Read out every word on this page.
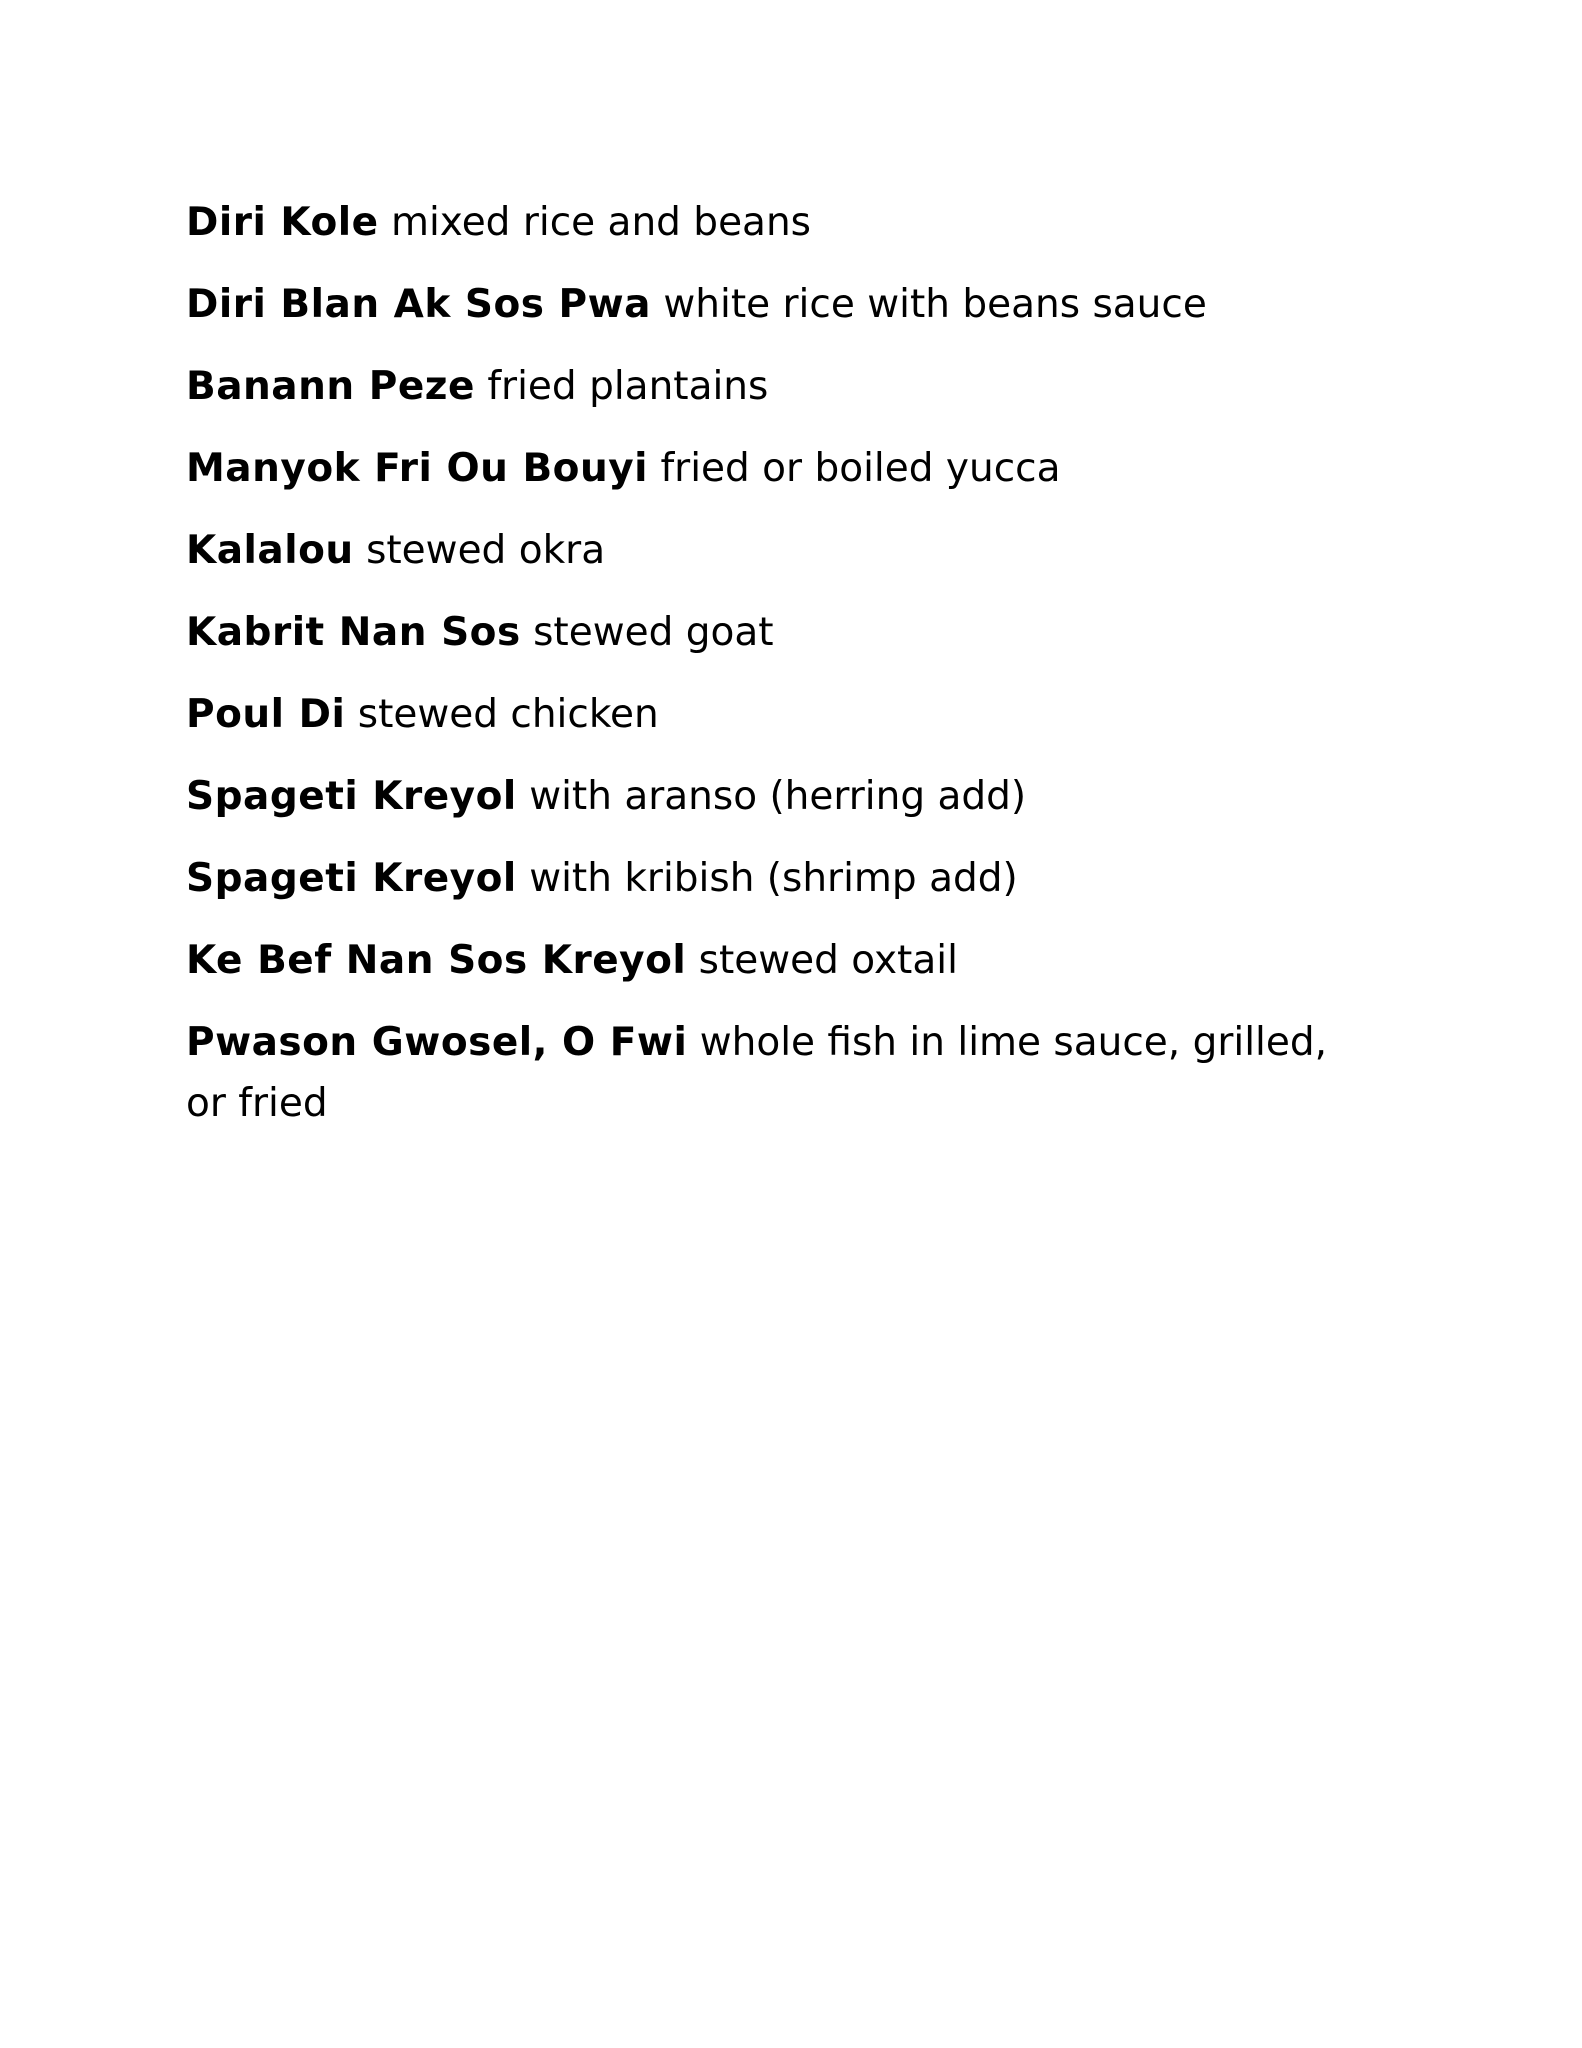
Diri Kole mixed rice and beans
Diri Blan Ak Sos Pwa white rice with beans sauce
Banann Peze fried plantains
Manyok Fri Ou Bouyi fried or boiled yucca
Kalalou stewed okra
Kabrit Nan Sos stewed goat
Poul Di stewed chicken
Spageti Kreyol with aranso (herring add)
Spageti Kreyol with kribish (shrimp add)
Ke Bef Nan Sos Kreyol stewed oxtail
Pwason Gwosel, O Fwi whole fish in lime sauce, grilled, or fried
